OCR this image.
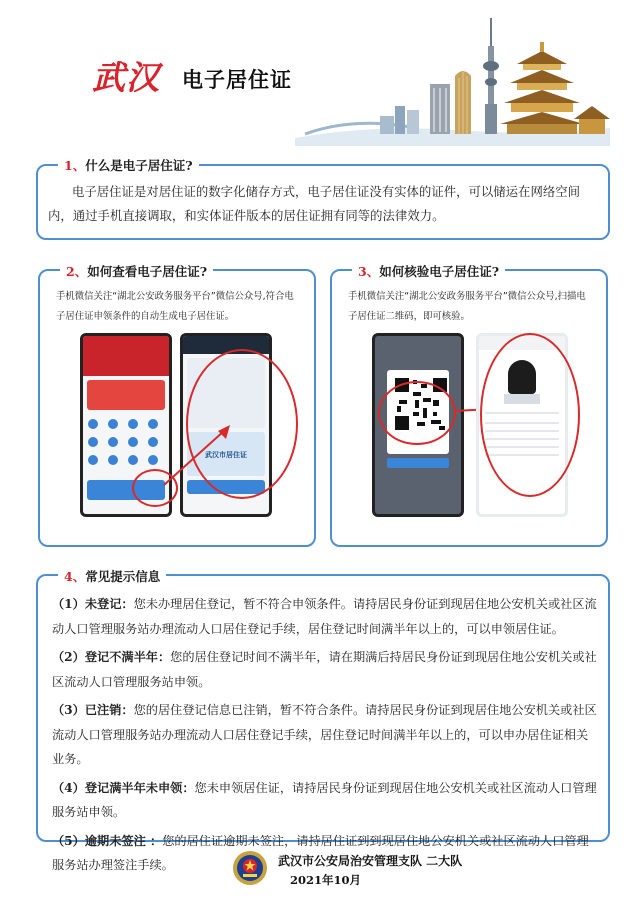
武汉 电子居住证
电子居住证是对居住证的数字化储存方式，电子居住证没有实体的证件，可以储运在网络空间内，通过手机直接调取，和实体证件版本的居住证拥有同等的法律效力。
1、什么是电子居住证?
手机微信关注“湖北公安政务服务平台”微信公众号,符合电子居住证申领条件的自动生成电子居住证。
武汉市居住证
2、如何查看电子居住证?
手机微信关注“湖北公安政务服务平台”微信公众号,扫描电子居住证二维码，即可核验。
3、如何核验电子居住证?
（1）未登记：您未办理居住登记，暂不符合申领条件。请持居民身份证到现居住地公安机关或社区流动人口管理服务站办理流动人口居住登记手续，居住登记时间满半年以上的，可以申领居住证。
（2）登记不满半年：您的居住登记时间不满半年，请在期满后持居民身份证到现居住地公安机关或社区流动人口管理服务站申领。
（3）已注销：您的居住登记信息已注销，暂不符合条件。请持居民身份证到现居住地公安机关或社区流动人口管理服务站办理流动人口居住登记手续，居住登记时间满半年以上的，可以申办居住证相关业务。
（4）登记满半年未申领：您未申领居住证，请持居民身份证到现居住地公安机关或社区流动人口管理服务站申领。
（5）逾期未签注 ：您的居住证逾期未签注，请持居住证到到现居住地公安机关或社区流动人口管理服务站办理签注手续。
4、常见提示信息
武汉市公安局治安管理支队 二大队
2021年10月
